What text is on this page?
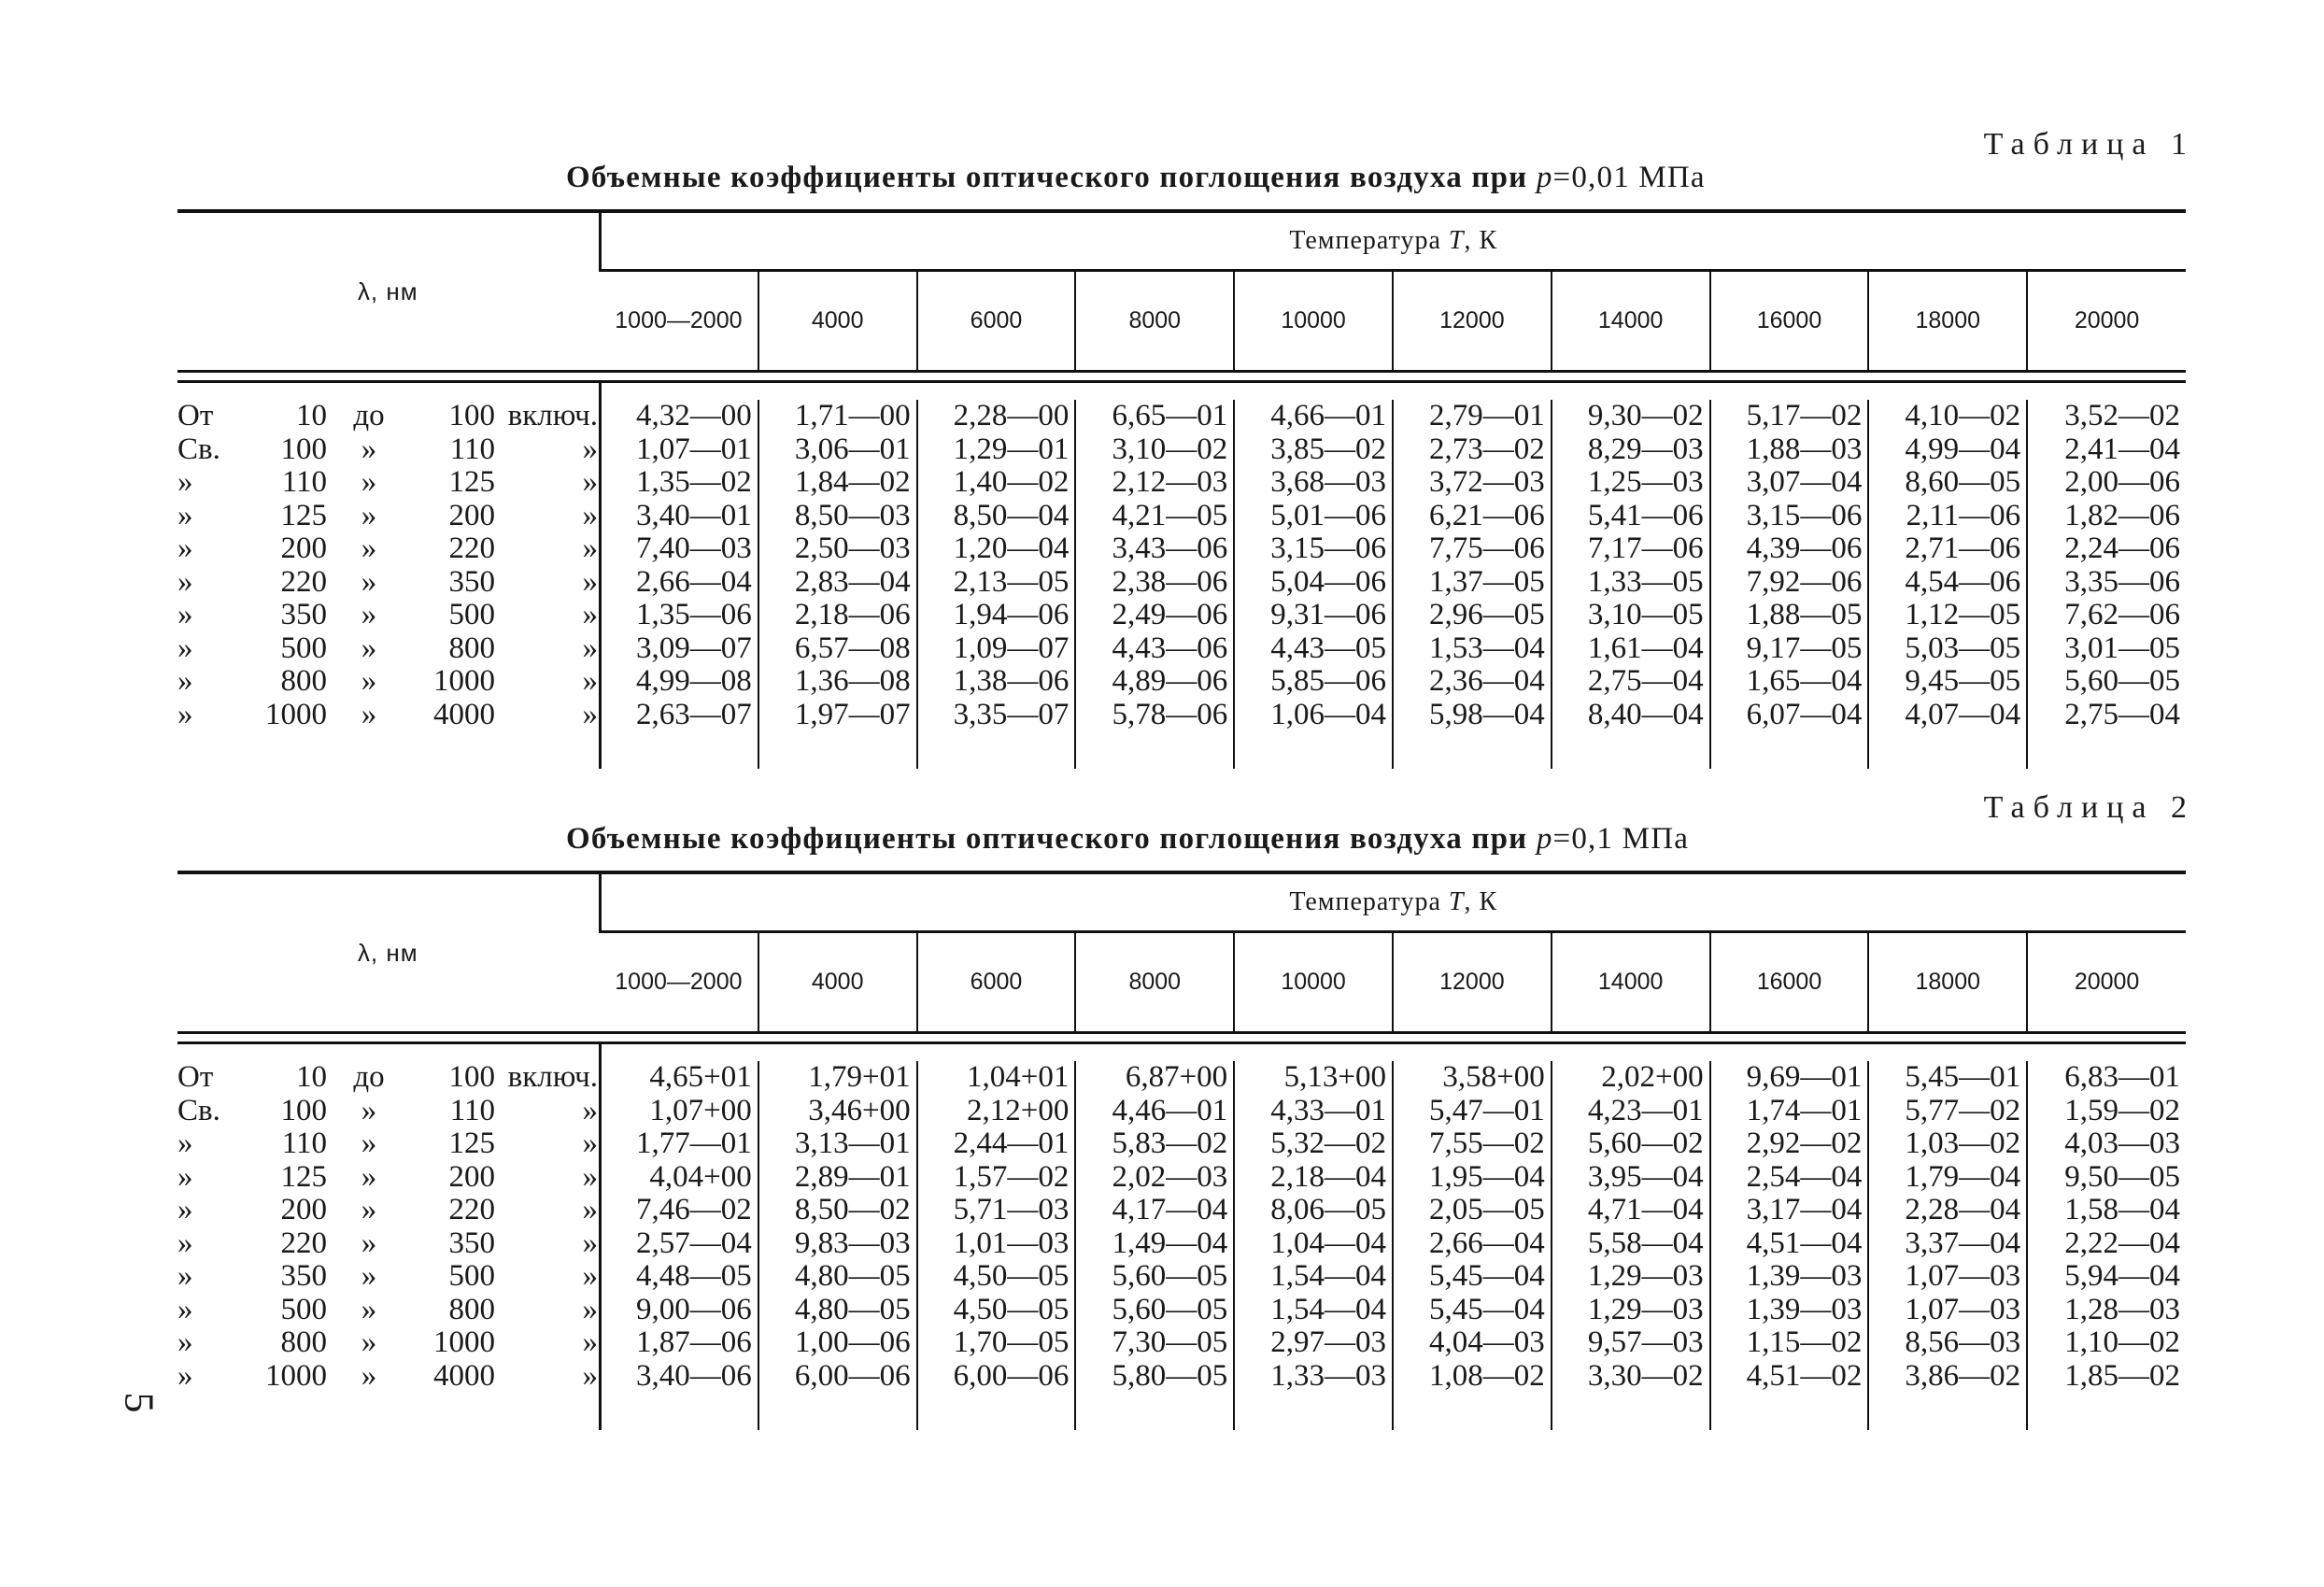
Таблица 1
Объемные коэффициенты оптического поглощения воздуха при p=0,01 МПа
λ, нм	Температура T, К									
	1000—2000	4000	6000	8000	10000	12000	14000	16000	18000	20000

От 10 до 100 включ.	4,32—00	1,71—00	2,28—00	6,65—01	4,66—01	2,79—01	9,30—02	5,17—02	4,10—02	3,52—02

Св. 100 » 110 »	1,07—01	3,06—01	1,29—01	3,10—02	3,85—02	2,73—02	8,29—03	1,88—03	4,99—04	2,41—04

» 110 » 125 »	1,35—02	1,84—02	1,40—02	2,12—03	3,68—03	3,72—03	1,25—03	3,07—04	8,60—05	2,00—06

» 125 » 200 »	3,40—01	8,50—03	8,50—04	4,21—05	5,01—06	6,21—06	5,41—06	3,15—06	2,11—06	1,82—06

» 200 » 220 »	7,40—03	2,50—03	1,20—04	3,43—06	3,15—06	7,75—06	7,17—06	4,39—06	2,71—06	2,24—06

» 220 » 350 »	2,66—04	2,83—04	2,13—05	2,38—06	5,04—06	1,37—05	1,33—05	7,92—06	4,54—06	3,35—06

» 350 » 500 »	1,35—06	2,18—06	1,94—06	2,49—06	9,31—06	2,96—05	3,10—05	1,88—05	1,12—05	7,62—06

» 500 » 800 »	3,09—07	6,57—08	1,09—07	4,43—06	4,43—05	1,53—04	1,61—04	9,17—05	5,03—05	3,01—05

» 800 » 1000 »	4,99—08	1,36—08	1,38—06	4,89—06	5,85—06	2,36—04	2,75—04	1,65—04	9,45—05	5,60—05

» 1000 » 4000 »	2,63—07	1,97—07	3,35—07	5,78—06	1,06—04	5,98—04	8,40—04	6,07—04	4,07—04	2,75—04

Таблица 2
Объемные коэффициенты оптического поглощения воздуха при p=0,1 МПа
λ, нм	Температура T, К									
	1000—2000	4000	6000	8000	10000	12000	14000	16000	18000	20000

От 10 до 100 включ.	4,65+01	1,79+01	1,04+01	6,87+00	5,13+00	3,58+00	2,02+00	9,69—01	5,45—01	6,83—01

Св. 100 » 110 »	1,07+00	3,46+00	2,12+00	4,46—01	4,33—01	5,47—01	4,23—01	1,74—01	5,77—02	1,59—02

» 110 » 125 »	1,77—01	3,13—01	2,44—01	5,83—02	5,32—02	7,55—02	5,60—02	2,92—02	1,03—02	4,03—03

» 125 » 200 »	4,04+00	2,89—01	1,57—02	2,02—03	2,18—04	1,95—04	3,95—04	2,54—04	1,79—04	9,50—05

» 200 » 220 »	7,46—02	8,50—02	5,71—03	4,17—04	8,06—05	2,05—05	4,71—04	3,17—04	2,28—04	1,58—04

» 220 » 350 »	2,57—04	9,83—03	1,01—03	1,49—04	1,04—04	2,66—04	5,58—04	4,51—04	3,37—04	2,22—04

» 350 » 500 »	4,48—05	4,80—05	4,50—05	5,60—05	1,54—04	5,45—04	1,29—03	1,39—03	1,07—03	5,94—04

» 500 » 800 »	9,00—06	4,80—05	4,50—05	5,60—05	1,54—04	5,45—04	1,29—03	1,39—03	1,07—03	1,28—03

» 800 » 1000 »	1,87—06	1,00—06	1,70—05	7,30—05	2,97—03	4,04—03	9,57—03	1,15—02	8,56—03	1,10—02

» 1000 » 4000 »	3,40—06	6,00—06	6,00—06	5,80—05	1,33—03	1,08—02	3,30—02	4,51—02	3,86—02	1,85—02

5
